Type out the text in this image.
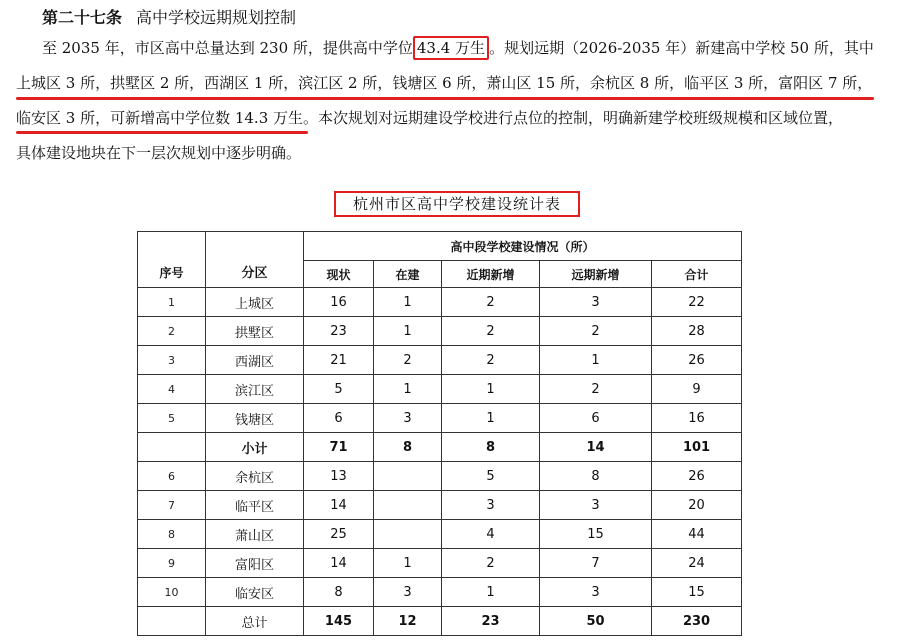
第二十七条 高中学校远期规划控制
至 2035 年，市区高中总量达到 230 所，提供高中学位 43.4 万生 。规划远期（2026-2035 年）新建高中学校 50 所，其中
上城区 3 所，拱墅区 2 所，西湖区 1 所，滨江区 2 所，钱塘区 6 所，萧山区 15 所，余杭区 8 所，临平区 3 所，富阳区 7 所，
临安区 3 所，可新增高中学位数 14.3 万生。本次规划对远期建设学校进行点位的控制，明确新建学校班级规模和区域位置，
具体建设地块在下一层次规划中逐步明确。
杭州市区高中学校建设统计表
序号	分区	高中段学校建设情况（所）				
		现状	在建	近期新增	远期新增	合计
1	上城区	16	1	2	3	22
2	拱墅区	23	1	2	2	28
3	西湖区	21	2	2	1	26
4	滨江区	5	1	1	2	9
5	钱塘区	6	3	1	6	16
	小计	71	8	8	14	101
6	余杭区	13		5	8	26
7	临平区	14		3	3	20
8	萧山区	25		4	15	44
9	富阳区	14	1	2	7	24
10	临安区	8	3	1	3	15
	总计	145	12	23	50	230
